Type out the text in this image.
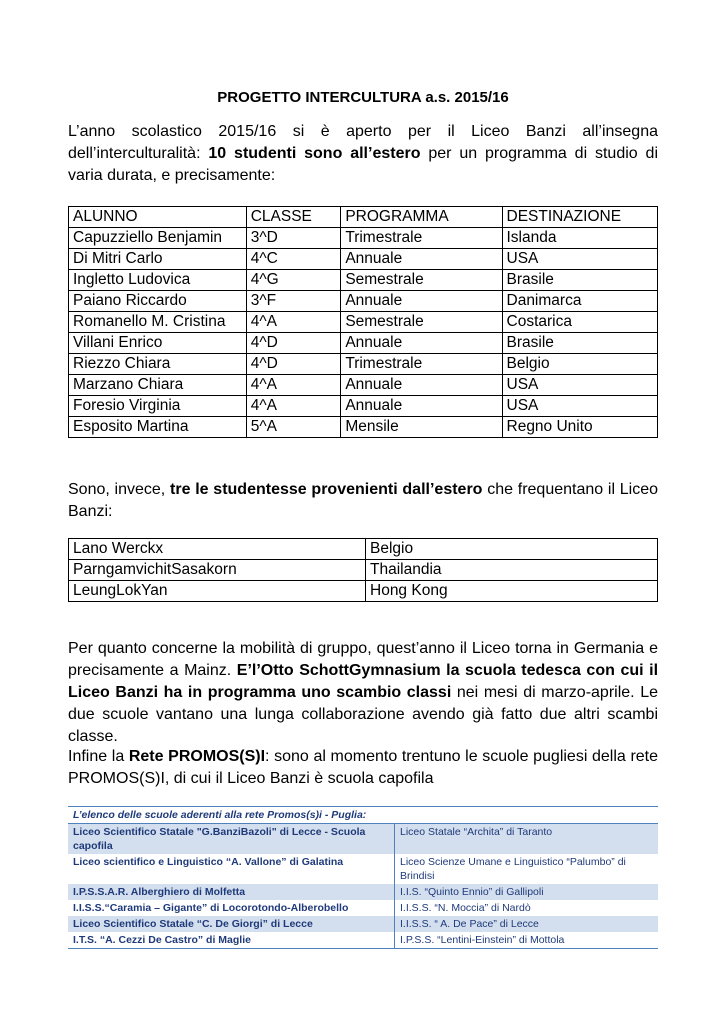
PROGETTO INTERCULTURA a.s. 2015/16
L’anno scolastico 2015/16 si è aperto per il Liceo Banzi all’insegna dell’interculturalità: 10 studenti sono all’estero per un programma di studio di varia durata, e precisamente:
ALUNNO	CLASSE	PROGRAMMA	DESTINAZIONE
Capuzziello Benjamin	3^D	Trimestrale	Islanda
Di Mitri Carlo	4^C	Annuale	USA
Ingletto Ludovica	4^G	Semestrale	Brasile
Paiano Riccardo	3^F	Annuale	Danimarca
Romanello M. Cristina	4^A	Semestrale	Costarica
Villani Enrico	4^D	Annuale	Brasile
Riezzo Chiara	4^D	Trimestrale	Belgio
Marzano Chiara	4^A	Annuale	USA
Foresio Virginia	4^A	Annuale	USA
Esposito Martina	5^A	Mensile	Regno Unito
Sono, invece, tre le studentesse provenienti dall’estero che frequentano il Liceo Banzi:
Lano Werckx	Belgio
ParngamvichitSasakorn	Thailandia
LeungLokYan	Hong Kong
Per quanto concerne la mobilità di gruppo, quest’anno il Liceo torna in Germania e precisamente a Mainz. E’l’Otto SchottGymnasium la scuola tedesca con cui il Liceo Banzi ha in programma uno scambio classi nei mesi di marzo-aprile. Le due scuole vantano una lunga collaborazione avendo già fatto due altri scambi classe.
Infine la Rete PROMOS(S)I: sono al momento trentuno le scuole pugliesi della rete PROMOS(S)I, di cui il Liceo Banzi è scuola capofila
L’elenco delle scuole aderenti alla rete Promos(s)i - Puglia:	
Liceo Scientifico Statale "G.BanziBazoli" di Lecce - Scuola capofila	Liceo Statale “Archita” di Taranto
Liceo scientifico e Linguistico “A. Vallone” di Galatina	Liceo Scienze Umane e Linguistico “Palumbo” di Brindisi
I.P.S.S.A.R. Alberghiero di Molfetta	I.I.S. “Quinto Ennio” di Gallipoli
I.I.S.S.“Caramia – Gigante” di Locorotondo-Alberobello	I.I.S.S. “N. Moccia” di Nardò
Liceo Scientifico Statale “C. De Giorgi” di Lecce	I.I.S.S. “ A. De Pace” di Lecce
I.T.S. “A. Cezzi De Castro” di Maglie	I.P.S.S. “Lentini-Einstein” di Mottola
